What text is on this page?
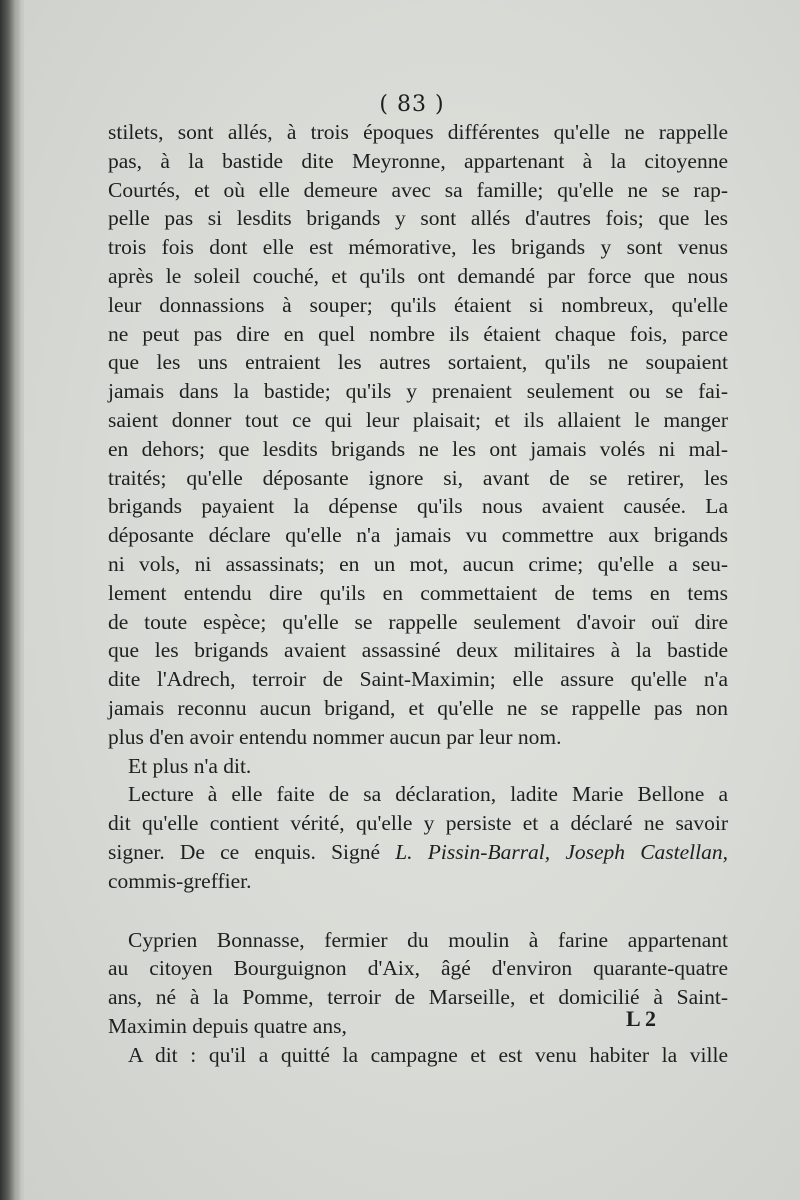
( 83 )
stilets, sont allés, à trois époques différentes qu'elle ne rappelle
pas, à la bastide dite Meyronne, appartenant à la citoyenne
Courtés, et où elle demeure avec sa famille; qu'elle ne se rap-
pelle pas si lesdits brigands y sont allés d'autres fois; que les
trois fois dont elle est mémorative, les brigands y sont venus
après le soleil couché, et qu'ils ont demandé par force que nous
leur donnassions à souper; qu'ils étaient si nombreux, qu'elle
ne peut pas dire en quel nombre ils étaient chaque fois, parce
que les uns entraient les autres sortaient, qu'ils ne soupaient
jamais dans la bastide; qu'ils y prenaient seulement ou se fai-
saient donner tout ce qui leur plaisait; et ils allaient le manger
en dehors; que lesdits brigands ne les ont jamais volés ni mal-
traités; qu'elle déposante ignore si, avant de se retirer, les
brigands payaient la dépense qu'ils nous avaient causée. La
déposante déclare qu'elle n'a jamais vu commettre aux brigands
ni vols, ni assassinats; en un mot, aucun crime; qu'elle a seu-
lement entendu dire qu'ils en commettaient de tems en tems
de toute espèce; qu'elle se rappelle seulement d'avoir ouï dire
que les brigands avaient assassiné deux militaires à la bastide
dite l'Adrech, terroir de Saint-Maximin; elle assure qu'elle n'a
jamais reconnu aucun brigand, et qu'elle ne se rappelle pas non
plus d'en avoir entendu nommer aucun par leur nom.
Et plus n'a dit.
Lecture à elle faite de sa déclaration, ladite Marie Bellone a
dit qu'elle contient vérité, qu'elle y persiste et a déclaré ne savoir
signer. De ce enquis. Signé L. Pissin-Barral, Joseph Castellan,
commis-greffier.
Cyprien Bonnasse, fermier du moulin à farine appartenant
au citoyen Bourguignon d'Aix, âgé d'environ quarante-quatre
ans, né à la Pomme, terroir de Marseille, et domicilié à Saint-
Maximin depuis quatre ans,
A dit : qu'il a quitté la campagne et est venu habiter la ville
L 2
